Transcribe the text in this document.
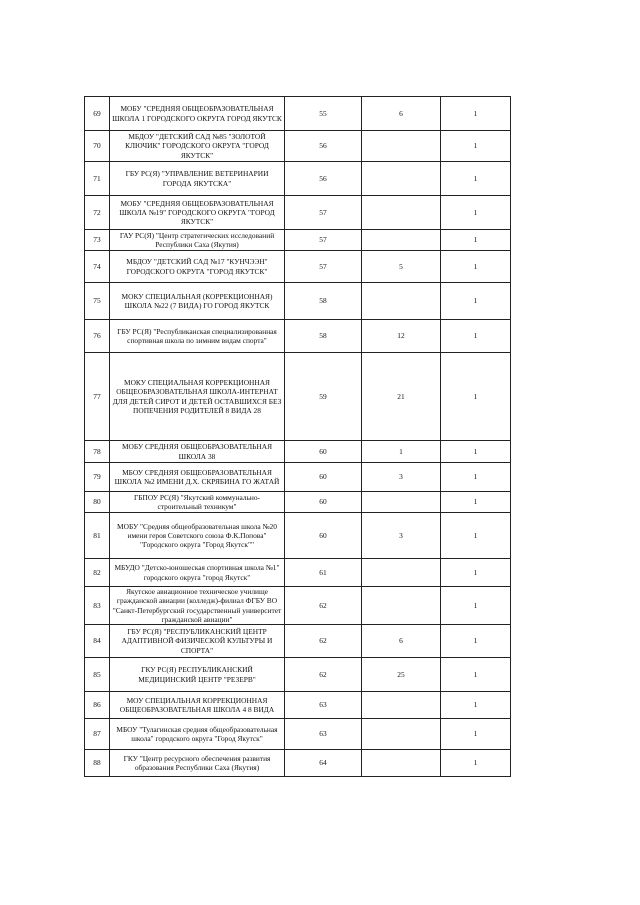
69	МОБУ "СРЕДНЯЯ ОБЩЕОБРАЗОВАТЕЛЬНАЯ ШКОЛА 1 ГОРОДСКОГО ОКРУГА ГОРОД ЯКУТСК	55	6	1

70	МБДОУ "ДЕТСКИЙ САД №85 "ЗОЛОТОЙ КЛЮЧИК" ГОРОДСКОГО ОКРУГА "ГОРОД ЯКУТСК"	56		1

71	ГБУ РС(Я) "УПРАВЛЕНИЕ ВЕТЕРИНАРИИ ГОРОДА ЯКУТСКА"	56		1

72	МОБУ "СРЕДНЯЯ ОБЩЕОБРАЗОВАТЕЛЬНАЯ ШКОЛА №19" ГОРОДСКОГО ОКРУГА "ГОРОД ЯКУТСК"	57		1

73	ГАУ РС(Я) "Центр стратегических исследований Республики Саха (Якутия)	57		1

74	МБДОУ "ДЕТСКИЙ САД №17 "КУНЧЭЭН" ГОРОДСКОГО ОКРУГА "ГОРОД ЯКУТСК"	57	5	1

75	МОКУ СПЕЦИАЛЬНАЯ (КОРРЕКЦИОННАЯ) ШКОЛА №22 (7 ВИДА) ГО ГОРОД ЯКУТСК	58		1

76	ГБУ РС(Я) "Республиканская специализированная спортивная школа по зимним видам спорта"	58	12	1

77	МОКУ СПЕЦИАЛЬНАЯ КОРРЕКЦИОННАЯ ОБЩЕОБРАЗОВАТЕЛЬНАЯ ШКОЛА-ИНТЕРНАТ ДЛЯ ДЕТЕЙ СИРОТ И ДЕТЕЙ ОСТАВШИХСЯ БЕЗ ПОПЕЧЕНИЯ РОДИТЕЛЕЙ 8 ВИДА 28	59	21	1

78	МОБУ СРЕДНЯЯ ОБЩЕОБРАЗОВАТЕЛЬНАЯ ШКОЛА 38	60	1	1

79	МБОУ СРЕДНЯЯ ОБЩЕОБРАЗОВАТЕЛЬНАЯ ШКОЛА №2 ИМЕНИ Д.Х. СКРЯБИНА ГО ЖАТАЙ	60	3	1

80	ГБПОУ РС(Я) "Якутский коммунально-строительный техникум"	60		1

81	МОБУ "Средняя общеобразовательная школа №20 имени героя Советского союза Ф.К.Попова" "Городского округа "Город Якутск""	60	3	1

82	МБУДО "Детско-юношеская спортивная школа №1" городского округа "город Якутск"	61		1

83	Якутское авиационное техническое училище гражданской авиации (колледж)-филиал ФГБУ ВО "Санкт-Петербургский государственный университет гражданской авиации"	62		1

84	ГБУ РС(Я) "РЕСПУБЛИКАНСКИЙ ЦЕНТР АДАПТИВНОЙ ФИЗИЧЕСКОЙ КУЛЬТУРЫ И СПОРТА"	62	6	1

85	ГКУ РС(Я) РЕСПУБЛИКАНСКИЙ МЕДИЦИНСКИЙ ЦЕНТР "РЕЗЕРВ"	62	25	1

86	МОУ СПЕЦИАЛЬНАЯ КОРРЕКЦИОННАЯ ОБЩЕОБРАЗОВАТЕЛЬНАЯ ШКОЛА 4 8 ВИДА	63		1

87	МБОУ "Тулагинская средняя общеобразовательная школа" городского округа "Город Якутск"	63		1

88	ГКУ "Центр ресурсного обеспечения развития образования Республики Саха (Якутия)	64		1
